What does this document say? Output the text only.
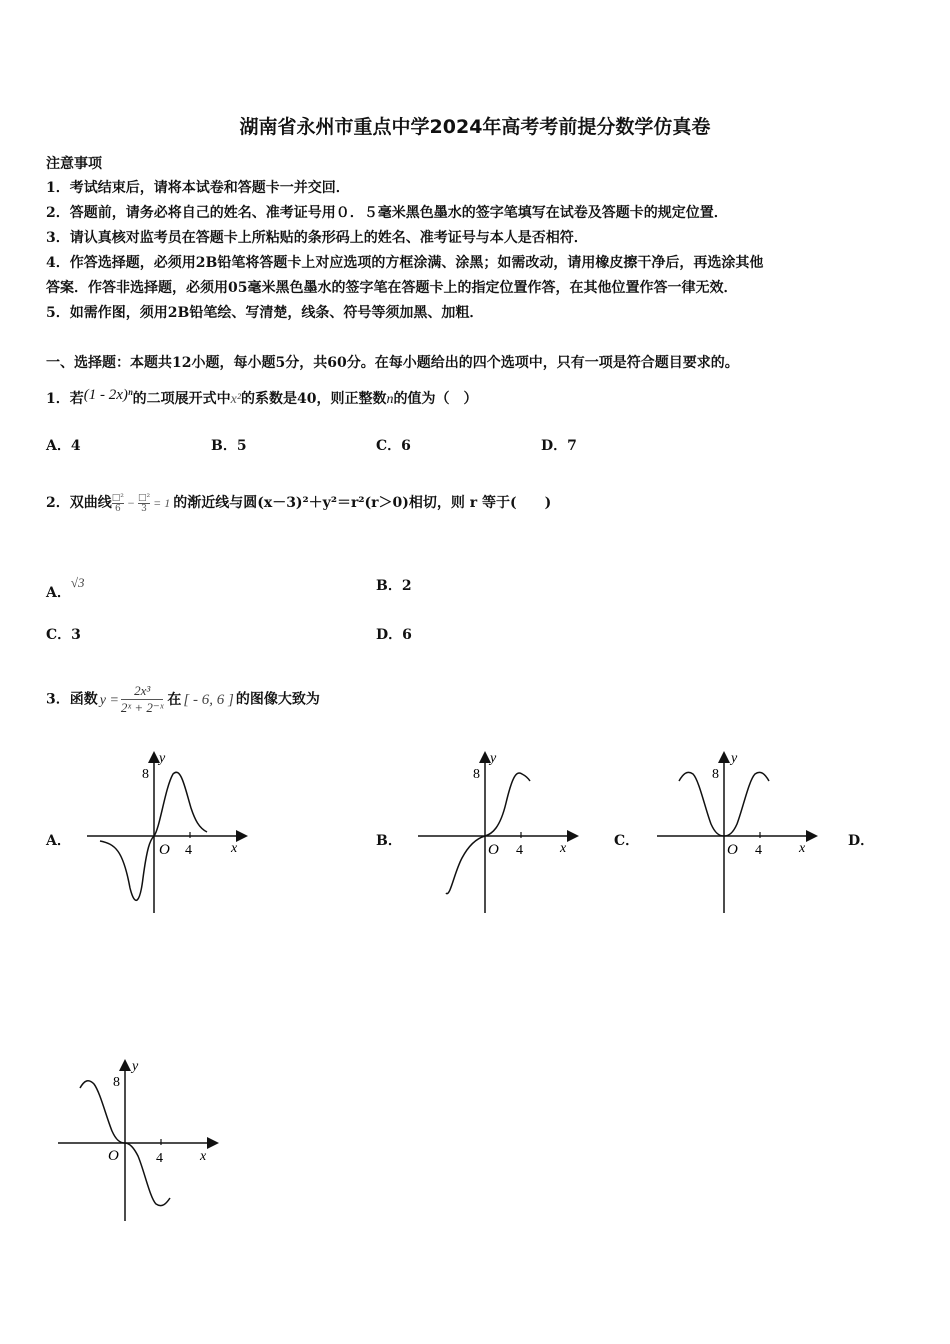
湖南省永州市重点中学2024年高考考前提分数学仿真卷
注意事项
1．考试结束后，请将本试卷和答题卡一并交回．
2．答题前，请务必将自己的姓名、准考证号用０．５毫米黑色墨水的签字笔填写在试卷及答题卡的规定位置．
3．请认真核对监考员在答题卡上所粘贴的条形码上的姓名、准考证号与本人是否相符．
4．作答选择题，必须用2B铅笔将答题卡上对应选项的方框涂满、涂黑；如需改动，请用橡皮擦干净后，再选涂其他
答案．作答非选择题，必须用05毫米黑色墨水的签字笔在答题卡上的指定位置作答，在其他位置作答一律无效．
5．如需作图，须用2B铅笔绘、写清楚，线条、符号等须加黑、加粗．
一、选择题：本题共12小题，每小题5分，共60分。在每小题给出的四个选项中，只有一项是符合题目要求的。
1．若(1 - 2x)ⁿ的二项展开式中x²的系数是40，则正整数n的值为（　）
A．4	B．5	C．6	D．7
2．双曲线 $\frac{\text{□²}}{6} - \frac{\text{□²}}{3} = 1$ 的渐近线与圆(x－3)²＋y²＝r²(r＞0)相切，则 r 等于(　　)
A．√3	B．2
C．3	D．6
3．函数 $y = \frac{\text{2x³}}{\text{2ˣ + 2⁻ˣ}}$ 在 [ - 6, 6 ] 的图像大致为
A．	B．	C．	D．
y
8
O 4	x
y
8
O 4	x
y
8
O 4	x
y
8
O	4	x
